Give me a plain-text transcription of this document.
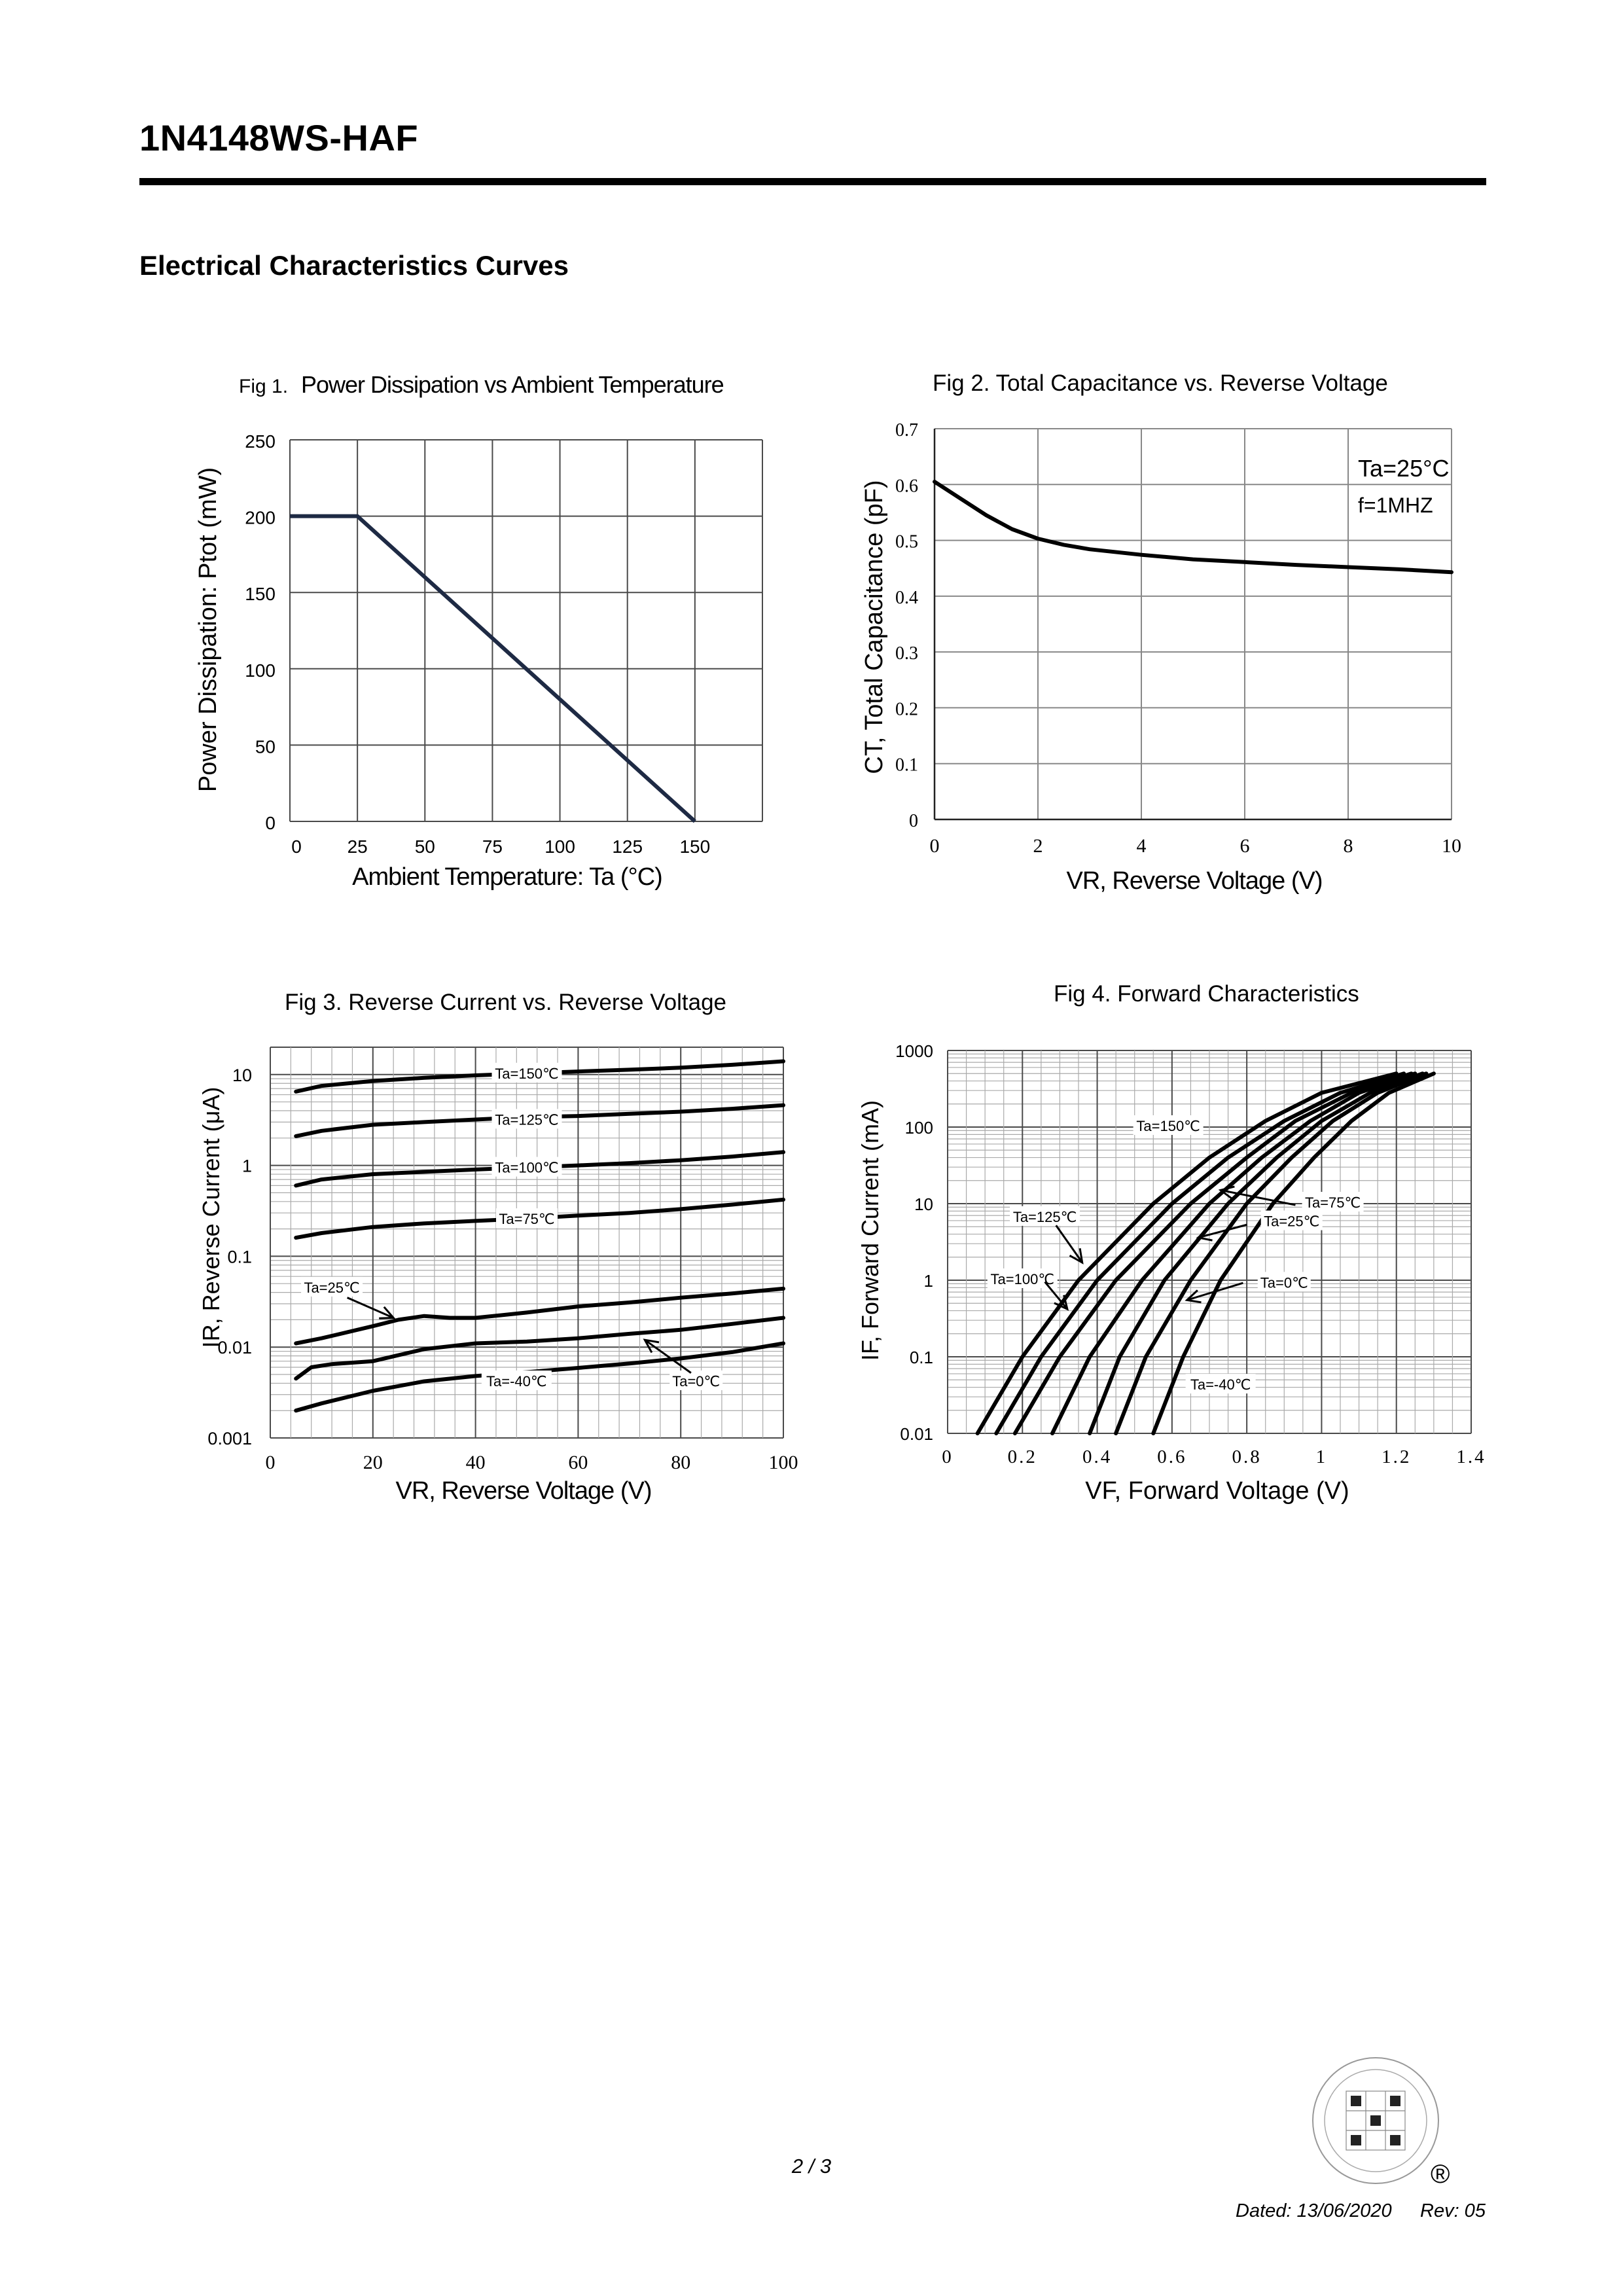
1N4148WS-HAF
Electrical Characteristics Curves
Fig 1. Power Dissipation vs Ambient Temperature
0
50
100
150
200
250
0 25	50	75 100 125 150
Ambient Temperature: Ta (°C)
Power Dissipation: Ptot (mW)
Fig 2. Total Capacitance vs. Reverse Voltage
0
0.1
0.2
0.3
0.4
0.5
0.6
0.7
0	2	4	6	8	10
Ta=25°C
f=1MHZ
VR, Reverse Voltage (V)
CT, Total Capacitance (pF)
Fig 3. Reverse Current vs. Reverse Voltage
0.001
0.01
0.1
1
10
0	20	40	60	80	100
Ta=150℃
Ta=125℃
Ta=100℃
Ta=75℃
Ta=25℃
Ta=0℃
Ta=-40℃
VR, Reverse Voltage (V)
IR, Reverse Current (μA)
Fig 4. Forward Characteristics
0.01
0.1
1
10
100
1000
0	0.2 0.4 0.6 0.8	1	1.2 1.4
Ta=150℃
Ta=125℃
Ta=100℃
Ta=75℃
Ta=25℃
Ta=0℃
Ta=-40℃
VF, Forward Voltage (V)
IF, Forward Current (mA)
®
2 / 3
Dated: 13/06/2020 Rev: 05
